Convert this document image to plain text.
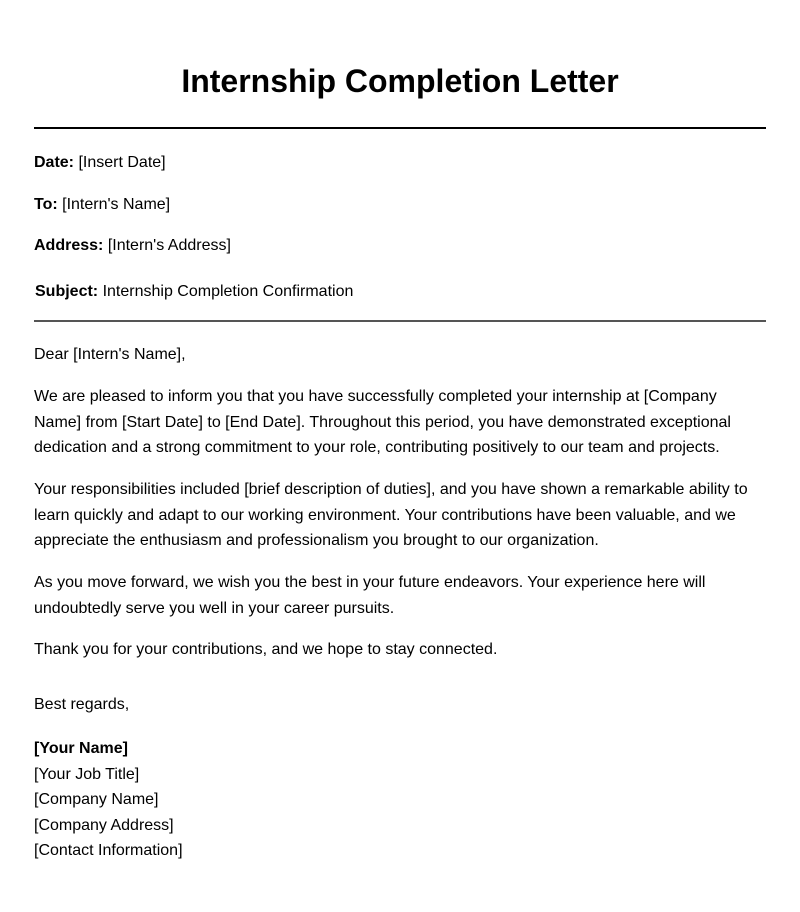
Internship Completion Letter
Date: [Insert Date]
To: [Intern's Name]
Address: [Intern's Address]
Subject: Internship Completion Confirmation
Dear [Intern's Name],

We are pleased to inform you that you have successfully completed your internship at [Company Name] from [Start Date] to [End Date]. Throughout this period, you have demonstrated exceptional dedication and a strong commitment to your role, contributing positively to our team and projects.

Your responsibilities included [brief description of duties], and you have shown a remarkable ability to learn quickly and adapt to our working environment. Your contributions have been valuable, and we appreciate the enthusiasm and professionalism you brought to our organization.

As you move forward, we wish you the best in your future endeavors. Your experience here will undoubtedly serve you well in your career pursuits.

Thank you for your contributions, and we hope to stay connected.

Best regards,
[Your Name]
[Your Job Title]
[Company Name]
[Company Address]
[Contact Information]
